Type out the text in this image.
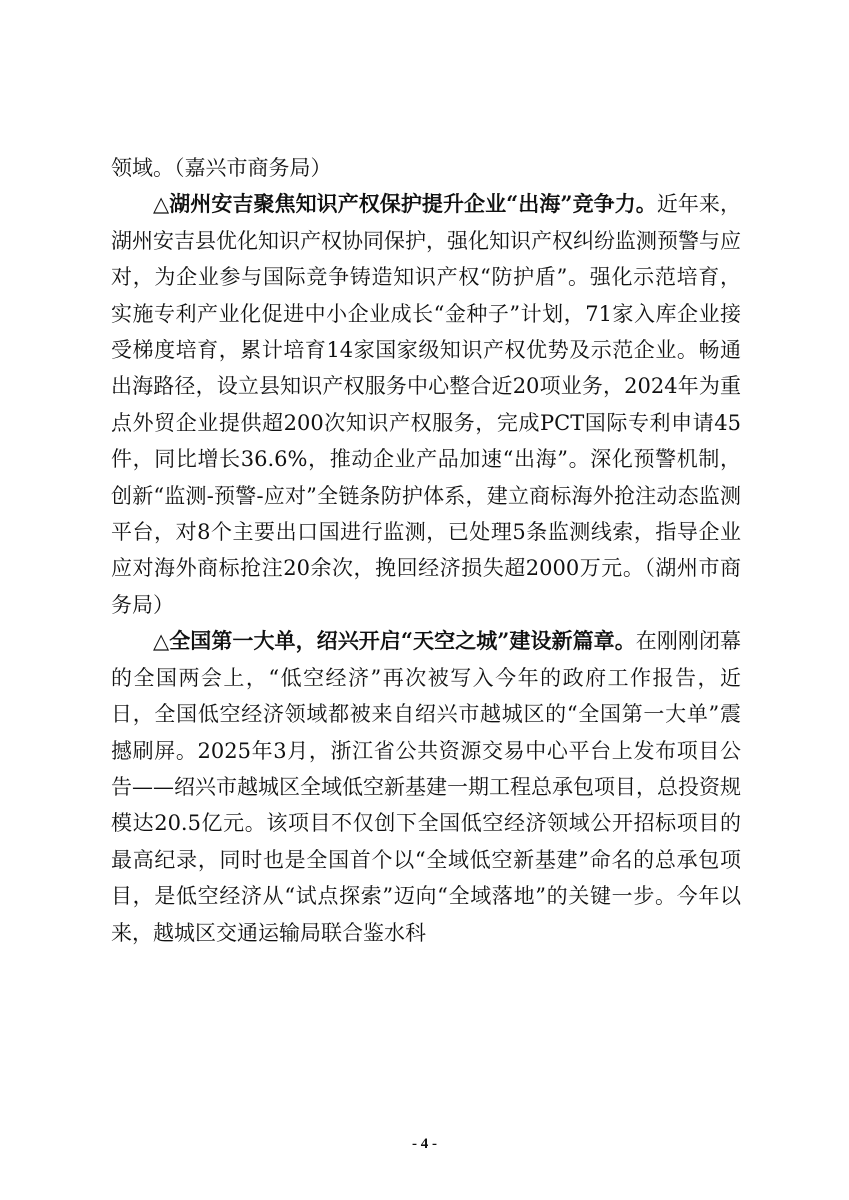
领域。（嘉兴市商务局）

△湖州安吉聚焦知识产权保护提升企业“出海”竞争力。近年来，湖州安吉县优化知识产权协同保护，强化知识产权纠纷监测预警与应对，为企业参与国际竞争铸造知识产权“防护盾”。强化示范培育，实施专利产业化促进中小企业成长“金种子”计划，71家入库企业接受梯度培育，累计培育14家国家级知识产权优势及示范企业。畅通出海路径，设立县知识产权服务中心整合近20项业务，2024年为重点外贸企业提供超200次知识产权服务，完成PCT国际专利申请45件，同比增长36.6%，推动企业产品加速“出海”。深化预警机制，创新“监测-预警-应对”全链条防护体系，建立商标海外抢注动态监测平台，对8个主要出口国进行监测，已处理5条监测线索，指导企业应对海外商标抢注20余次，挽回经济损失超2000万元。（湖州市商务局）

△全国第一大单，绍兴开启“天空之城”建设新篇章。在刚刚闭幕的全国两会上，“低空经济”再次被写入今年的政府工作报告，近日，全国低空经济领域都被来自绍兴市越城区的“全国第一大单”震撼刷屏。2025年3月，浙江省公共资源交易中心平台上发布项目公告——绍兴市越城区全域低空新基建一期工程总承包项目，总投资规模达20.5亿元。该项目不仅创下全国低空经济领域公开招标项目的最高纪录，同时也是全国首个以“全域低空新基建”命名的总承包项目，是低空经济从“试点探索”迈向“全域落地”的关键一步。今年以来，越城区交通运输局联合鉴水科

- 4 -
